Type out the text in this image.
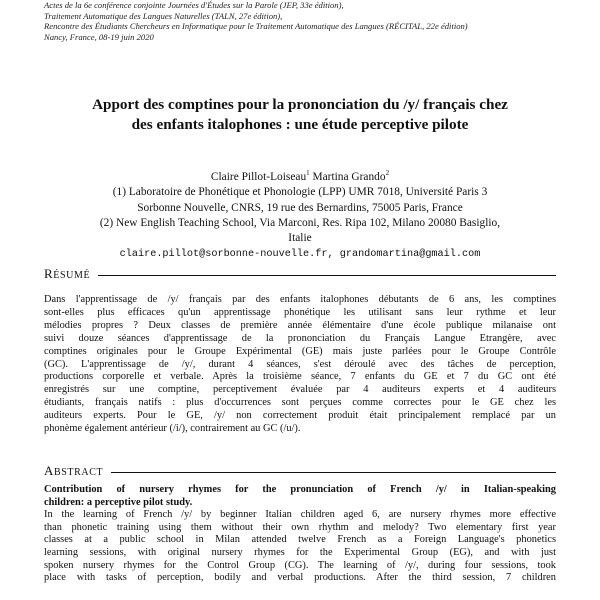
Actes de la 6e conférence conjointe Journées d'Études sur la Parole (JEP, 33e édition),
Traitement Automatique des Langues Naturelles (TALN, 27e édition),
Rencontre des Étudiants Chercheurs en Informatique pour le Traitement Automatique des Langues (RÉCITAL, 22e édition)
Nancy, France, 08-19 juin 2020
Apport des comptines pour la prononciation du /y/ français chez
des enfants italophones : une étude perceptive pilote
Claire Pillot-Loiseau$^1$ Martina Grando$^2$
(1) Laboratoire de Phonétique et Phonologie (LPP) UMR 7018, Université Paris 3
Sorbonne Nouvelle, CNRS, 19 rue des Bernardins, 75005 Paris, France
(2) New English Teaching School, Via Marconi, Res. Ripa 102, Milano 20080 Basiglio,
Italie
claire.pillot@sorbonne-nouvelle.fr, grandomartina@gmail.com
RÉSUMÉ
Dans l'apprentissage de /y/ français par des enfants italophones débutants de 6 ans, les comptines
sont-elles plus efficaces qu'un apprentissage phonétique les utilisant sans leur rythme et leur
mélodies propres ? Deux classes de première année élémentaire d'une école publique milanaise ont
suivi douze séances d'apprentissage de la prononciation du Français Langue Etrangère, avec
comptines originales pour le Groupe Expérimental (GE) mais juste parlées pour le Groupe Contrôle
(GC). L'apprentissage de /y/, durant 4 séances, s'est déroulé avec des tâches de perception,
productions corporelle et verbale. Après la troisième séance, 7 enfants du GE et 7 du GC ont été
enregistrés sur une comptine, perceptivement évaluée par 4 auditeurs experts et 4 auditeurs
étudiants, français natifs : plus d'occurrences sont perçues comme correctes pour le GE chez les
auditeurs experts. Pour le GE, /y/ non correctement produit était principalement remplacé par un
phonème également antérieur (/i/), contrairement au GC (/u/).
ABSTRACT
Contribution of nursery rhymes for the pronunciation of French /y/ in Italian-speaking
children: a perceptive pilot study.
In the learning of French /y/ by beginner Italian children aged 6, are nursery rhymes more effective
than phonetic training using them without their own rhythm and melody? Two elementary first year
classes at a public school in Milan attended twelve French as a Foreign Language's phonetics
learning sessions, with original nursery rhymes for the Experimental Group (EG), and with just
spoken nursery rhymes for the Control Group (CG). The learning of /y/, during four sessions, took
place with tasks of perception, bodily and verbal productions. After the third session, 7 children
